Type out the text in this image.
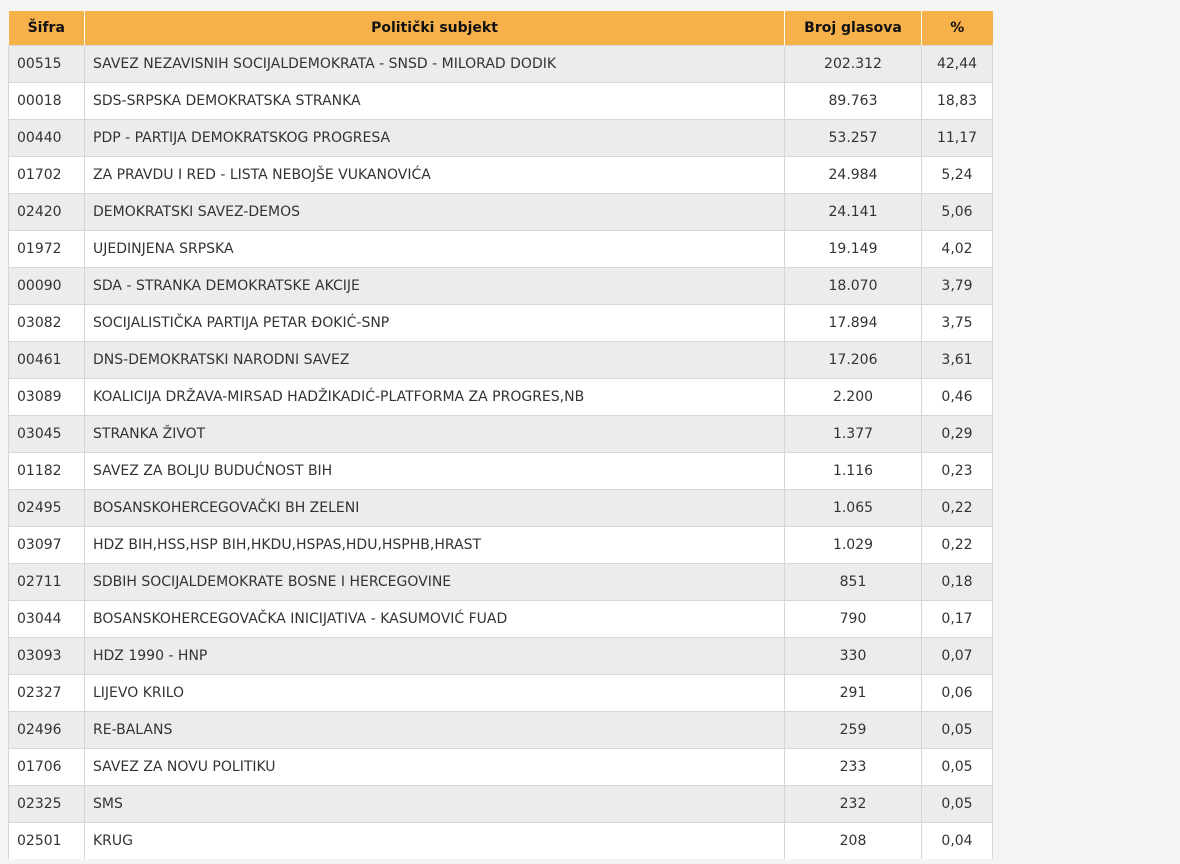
Šifra	Politički subjekt	Broj glasova	%
00515	SAVEZ NEZAVISNIH SOCIJALDEMOKRATA - SNSD - MILORAD DODIK	202.312	42,44
00018	SDS-SRPSKA DEMOKRATSKA STRANKA	89.763	18,83
00440	PDP - PARTIJA DEMOKRATSKOG PROGRESA	53.257	11,17
01702	ZA PRAVDU I RED - LISTA NEBOJŠE VUKANOVIĆA	24.984	5,24
02420	DEMOKRATSKI SAVEZ-DEMOS	24.141	5,06
01972	UJEDINJENA SRPSKA	19.149	4,02
00090	SDA - STRANKA DEMOKRATSKE AKCIJE	18.070	3,79
03082	SOCIJALISTIČKA PARTIJA PETAR ĐOKIĆ-SNP	17.894	3,75
00461	DNS-DEMOKRATSKI NARODNI SAVEZ	17.206	3,61
03089	KOALICIJA DRŽAVA-MIRSAD HADŽIKADIĆ-PLATFORMA ZA PROGRES,NB	2.200	0,46
03045	STRANKA ŽIVOT	1.377	0,29
01182	SAVEZ ZA BOLJU BUDUĆNOST BIH	1.116	0,23
02495	BOSANSKOHERCEGOVAČKI BH ZELENI	1.065	0,22
03097	HDZ BIH,HSS,HSP BIH,HKDU,HSPAS,HDU,HSPHB,HRAST	1.029	0,22
02711	SDBIH SOCIJALDEMOKRATE BOSNE I HERCEGOVINE	851	0,18
03044	BOSANSKOHERCEGOVAČKA INICIJATIVA - KASUMOVIĆ FUAD	790	0,17
03093	HDZ 1990 - HNP	330	0,07
02327	LIJEVO KRILO	291	0,06
02496	RE-BALANS	259	0,05
01706	SAVEZ ZA NOVU POLITIKU	233	0,05
02325	SMS	232	0,05
02501	KRUG	208	0,04
